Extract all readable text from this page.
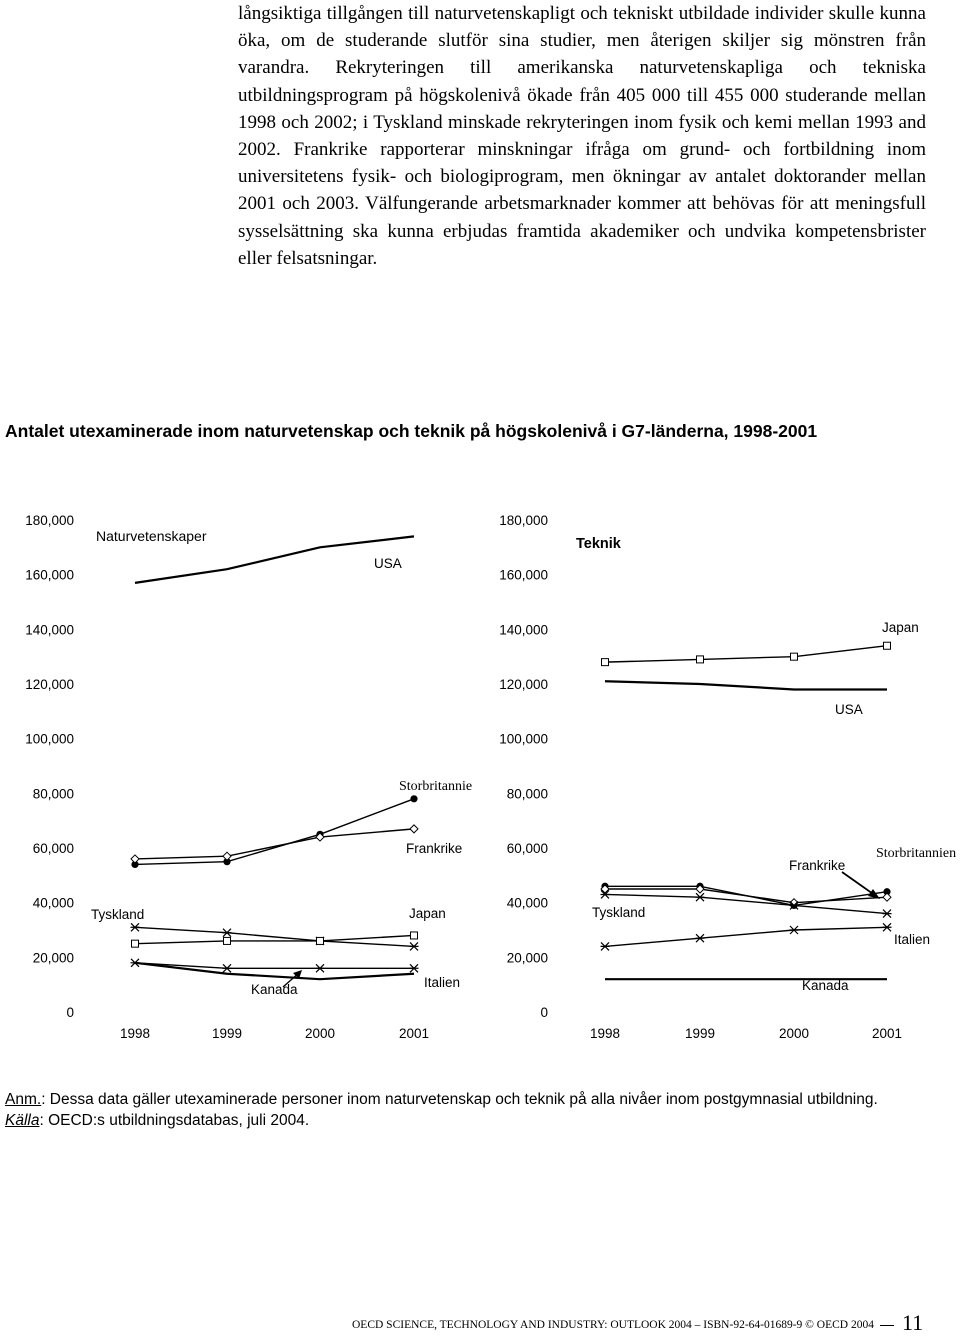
långsiktiga tillgången till naturvetenskapligt och tekniskt utbildade individer skulle kunna öka, om de studerande slutför sina studier, men återigen skiljer sig mönstren från varandra. Rekryteringen till amerikanska naturvetenskapliga och tekniska utbildningsprogram på högskolenivå ökade från 405 000 till 455 000 studerande mellan 1998 och 2002; i Tyskland minskade rekryteringen inom fysik och kemi mellan 1993 and 2002. Frankrike rapporterar minskningar ifråga om grund- och fortbildning inom universitetens fysik- och biologiprogram, men ökningar av antalet doktorander mellan 2001 och 2003. Välfungerande arbetsmarknader kommer att behövas för att meningsfull sysselsättning ska kunna erbjudas framtida akademiker och undvika kompetensbrister eller felsatsningar.

Antalet utexaminerade inom naturvetenskap och teknik på högskolenivå i G7-länderna, 1998-2001

0
20,000
40,000
60,000
80,000
100,000
120,000
140,000
160,000
180,000
1998	1999	2000	2001
Naturvetenskaper
USA
Storbritannie
Frankrike
Tyskland	Japan
Kanada	Italien
0
20,000
40,000
60,000
80,000
100,000
120,000
140,000
160,000
180,000
1998	1999	2000	2001
Teknik
Japan
USA
Storbritannien
Frankrike
Tyskland
Italien
Kanada

Anm.: Dessa data gäller utexaminerade personer inom naturvetenskap och teknik på alla nivåer inom postgymnasial utbildning.

Källa: OECD:s utbildningsdatabas, juli 2004.

OECD SCIENCE, TECHNOLOGY AND INDUSTRY: OUTLOOK 2004 – ISBN-92-64-01689-9 © OECD 2004 11
